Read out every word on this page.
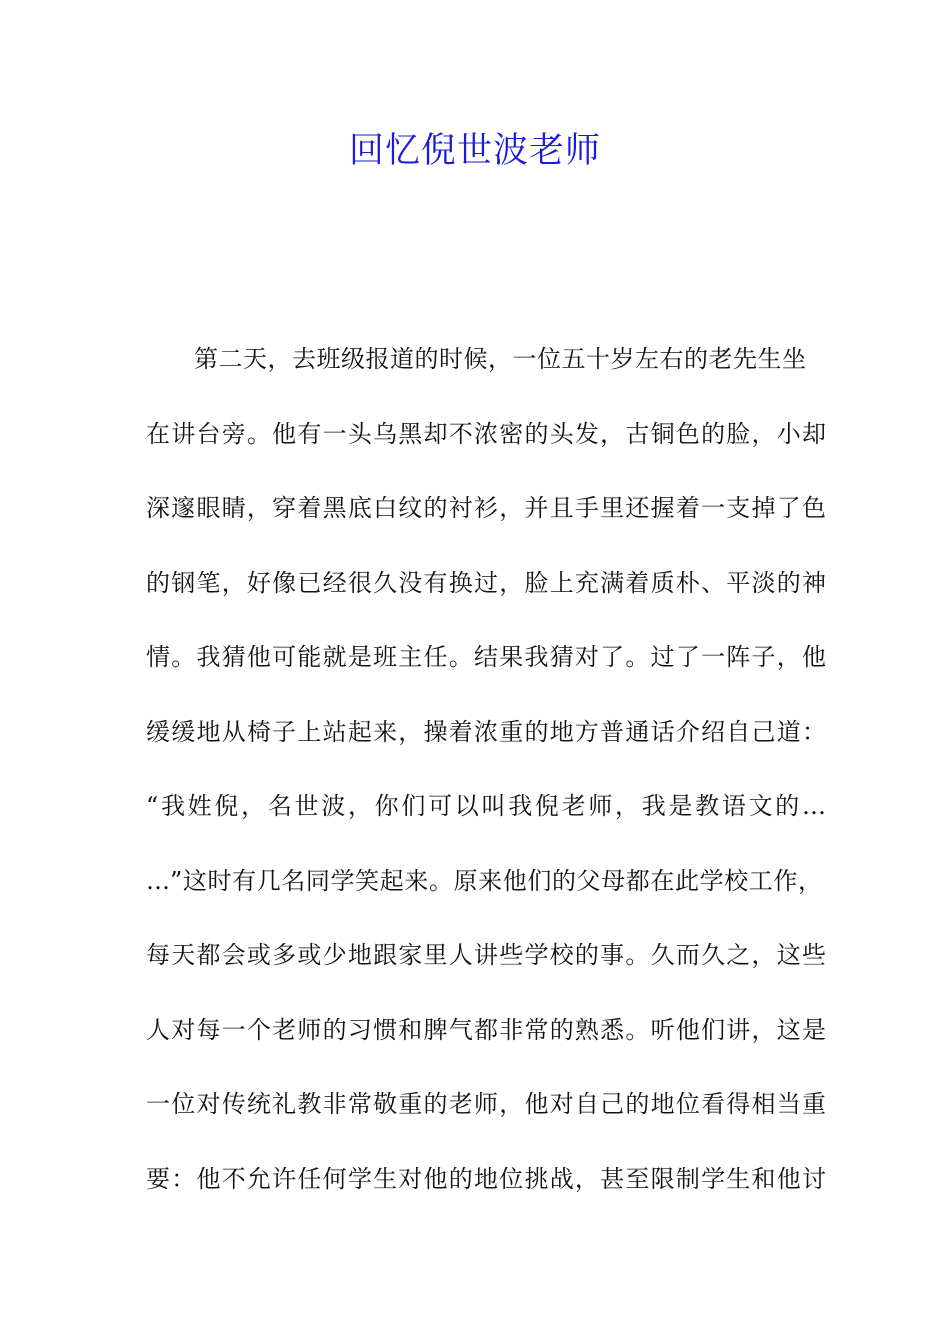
回忆倪世波老师
第二天，去班级报道的时候，一位五十岁左右的老先生坐
在讲台旁。他有一头乌黑却不浓密的头发，古铜色的脸，小却
深邃眼睛，穿着黑底白纹的衬衫，并且手里还握着一支掉了色
的钢笔，好像已经很久没有换过，脸上充满着质朴、平淡的神
情。我猜他可能就是班主任。结果我猜对了。过了一阵子，他
缓缓地从椅子上站起来，操着浓重的地方普通话介绍自己道：
“我姓倪，名世波，你们可以叫我倪老师，我是教语文的…
…”这时有几名同学笑起来。原来他们的父母都在此学校工作，
每天都会或多或少地跟家里人讲些学校的事。久而久之，这些
人对每一个老师的习惯和脾气都非常的熟悉。听他们讲，这是
一位对传统礼教非常敬重的老师，他对自己的地位看得相当重
要：他不允许任何学生对他的地位挑战，甚至限制学生和他讨
